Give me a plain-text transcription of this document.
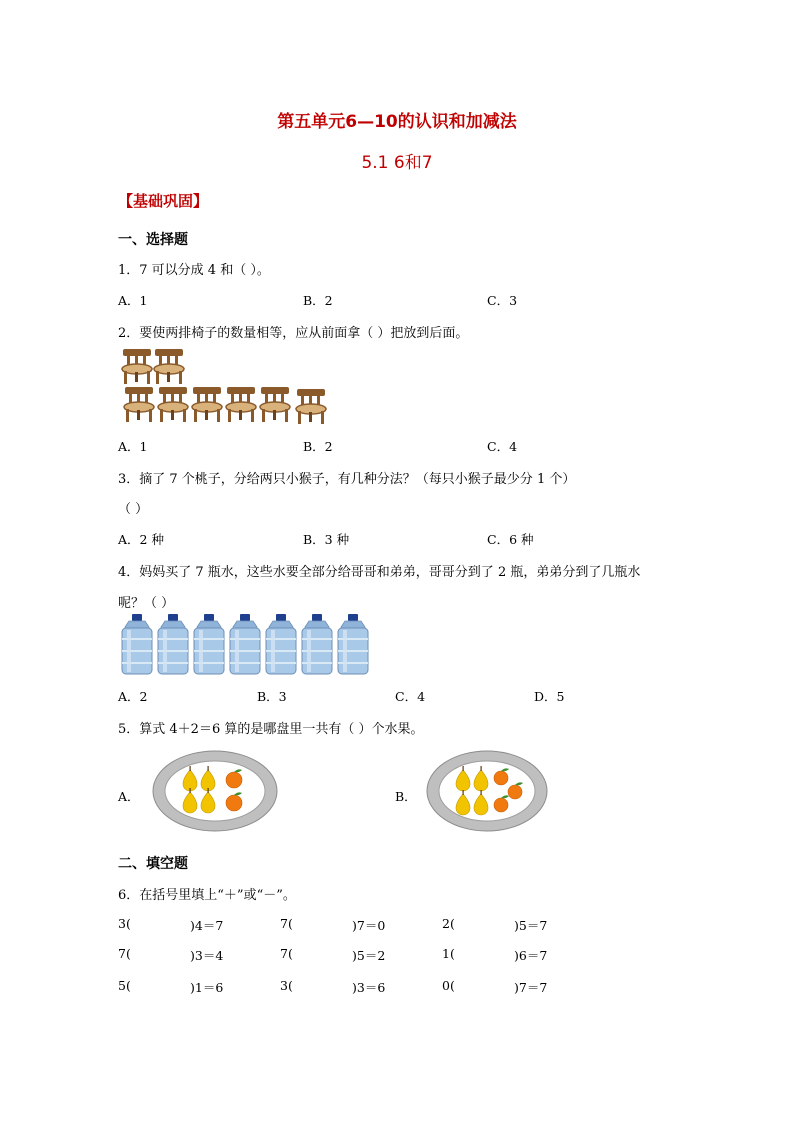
第五单元6—10的认识和加减法
5.1 6和7
【基础巩固】
一、选择题
1．7 可以分成 4 和（ ）。
A．1	B．2	C．3
2．要使两排椅子的数量相等，应从前面拿（ ）把放到后面。
A．1	B．2	C．4
3．摘了 7 个桃子，分给两只小猴子，有几种分法？（每只小猴子最少分 1 个）
（ ）
A．2 种	B．3 种	C．6 种
4．妈妈买了 7 瓶水，这些水要全部分给哥哥和弟弟，哥哥分到了 2 瓶，弟弟分到了几瓶水
呢？（ ）
A．2	B．3	C．4	D．5
5．算式 4＋2＝6 算的是哪盘里一共有（ ）个水果。
A．	B．
二、填空题
6．在括号里填上“＋”或“－”。
3(	)4＝7	7(	)7＝0	2(	)5＝7
7(	)3＝4	7(	)5＝2	1(	)6＝7
5(	)1＝6	3(	)3＝6	0(	)7＝7
